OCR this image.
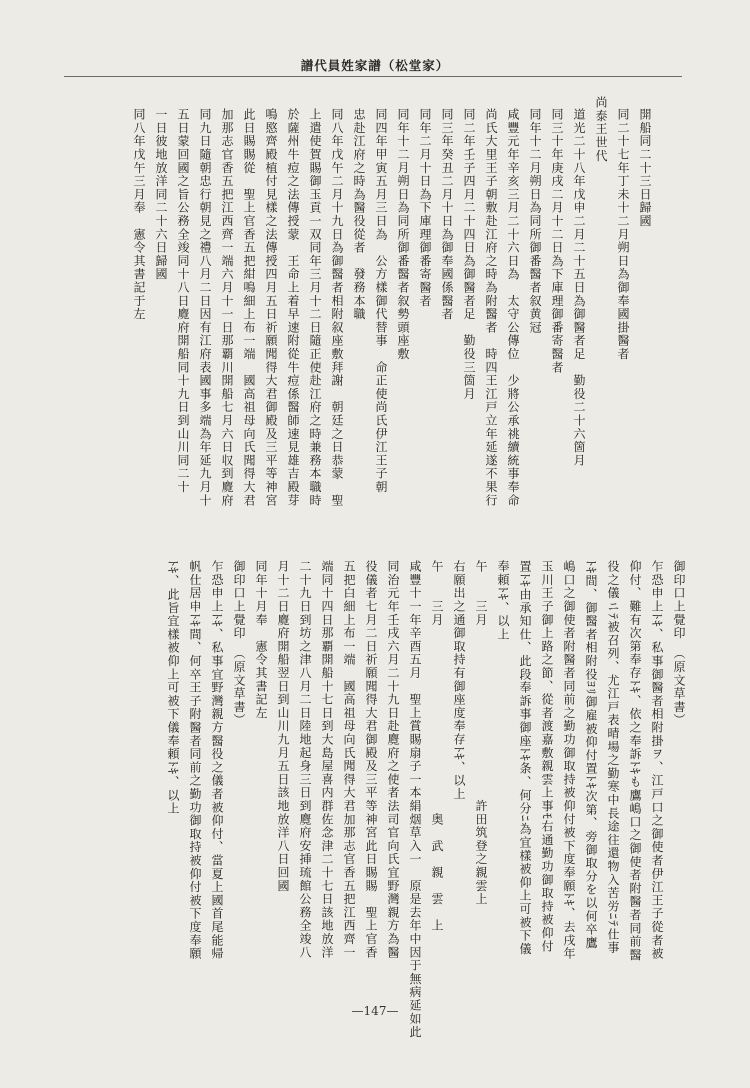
譜代員姓家譜（松堂家）
開船同二十三日歸國
同二十七年丁未十二月朔日為御奉國掛醫者
尚泰王世代
道光二十八年戊申二月二十五日為御醫者足　勤役二十六箇月
同三十年庚戌二月十二日為下庫理御番寄醫者
同年十二月朔日為同所御番醫者叙黄冠
咸豐元年辛亥三月二十六日為　太守公傳位　少將公承祧續統事奉命
尚氏大里王子朝敷赴江府之時為附醫者　時四王江戸立年延遂不果行
同二年壬子四月二十四日為御醫者足　勤役三箇月
同三年癸丑二月十日為御奉國係醫者
同年二月十日為下庫理御番寄醫者
同年十二月朔日為同所御番醫者叙勢頭座敷
同四年甲寅五月三日為　公方樣御代替事　命正使尚氏伊江王子朝
忠赴江府之時為醫役從者　發務本職
同八年戊午二月十九日為御醫者相附叙座敷拜謝　朝廷之日恭蒙　聖
上遣使賀賜御玉貢一双同年三月十二日隨正使赴江府之時兼務本職時
於薩州牛痘之法傳授蒙　王命上着早速附從牛痘係醫師速見雄吉殿芽
鳴愍齊殿植付見樣之法傳授四月五日祈願聞得大君御殿及三平等神宮
此日賜賜從　聖上官香五把紺鳴細上布一端　國高祖母向氏聞得大君
加那志官香五把江西齊一端六月十一日那覇川開船七月六日収到麑府
同九日隨朝忠行朝見之禮八月二日因有江府表國事多端為年延九月十
五日蒙回國之旨公務全竣同十八日麑府開船同十九日到山川同二十
一日彼地放洋同二十六日歸國
同八年戊午三月奉　憲令其書記于左
御印口上覺印　（原文草書）
乍恐申上ﾄｷ、私事御醫者相附掛ヲ、江戸口之御使者伊江王子從者被
仰付、難有次第奉存ﾄｷ、依之奉訴ﾄｷも鷹嶋口之御使者附醫者同前醫
役之儀ニﾃ被召列、尤江戸表晴場之勤寒中長途往還物入苦労ﾆﾃ仕事
ﾄｷ間、御醫者相附役ﾖﾘ御雇被仰付置ﾄｷ次第、旁御取分を以何卒鷹
嶋口之御使者附醫者同前之勤功御取持被仰付被下度奉願ﾄｷ、去戌年
玉川王子御上路之節、從者渡嘉敷親雲上事ﾓ右通勤功御取持被仰付
置ﾄｷ由承知仕、此段奉訴事御座ﾄｷ条、何分ﾆ為宜樣被仰上可被下儀
奉頼ﾄｷ、以上
午　　三月　　　　　　　　　　　　　許田筑登之親雲上
右願出之通御取持有御座度奉存ﾄｷ、以上
午　　三月　　　　　　　　　　　　　　奥　武　親　雲　上
咸豐十一年辛酉五月　聖上賞賜扇子一本絹烟草入一　原是去年中因于無病延如此
同治元年壬戌六月二十九日赴麑府之使者法司官向氏宜野灣親方為醫
役儀者七月二日祈願聞得大君御殿及三平等神宮此日賜賜　聖上官香
五把白細上布一端　國高祖母向氏聞得大君加那志官香五把江西齊一
端同十四日那覇開船十七日到大島屋喜内群佐念津二十七日該地放洋
二十九日到坊之津八月二日陸地起身三日到麑府安挿琉館公務全竣八
月十二日麑府開船翌日到山川九月五日該地放洋八日回國
同年十月奉　憲令其書記左
御印口上覺印　（原文草書）
乍恐申上ﾄｷ、私事宜野灣親方醫役之儀者被仰付、當夏上國首尾能帰
帆仕居申ﾄｷ間、何卒王子附醫者同前之勤功御取持被仰付被下度奉願
ﾄｷ、此旨宜樣被仰上可被下儀奉頼ﾄｷ、以上
—147—
